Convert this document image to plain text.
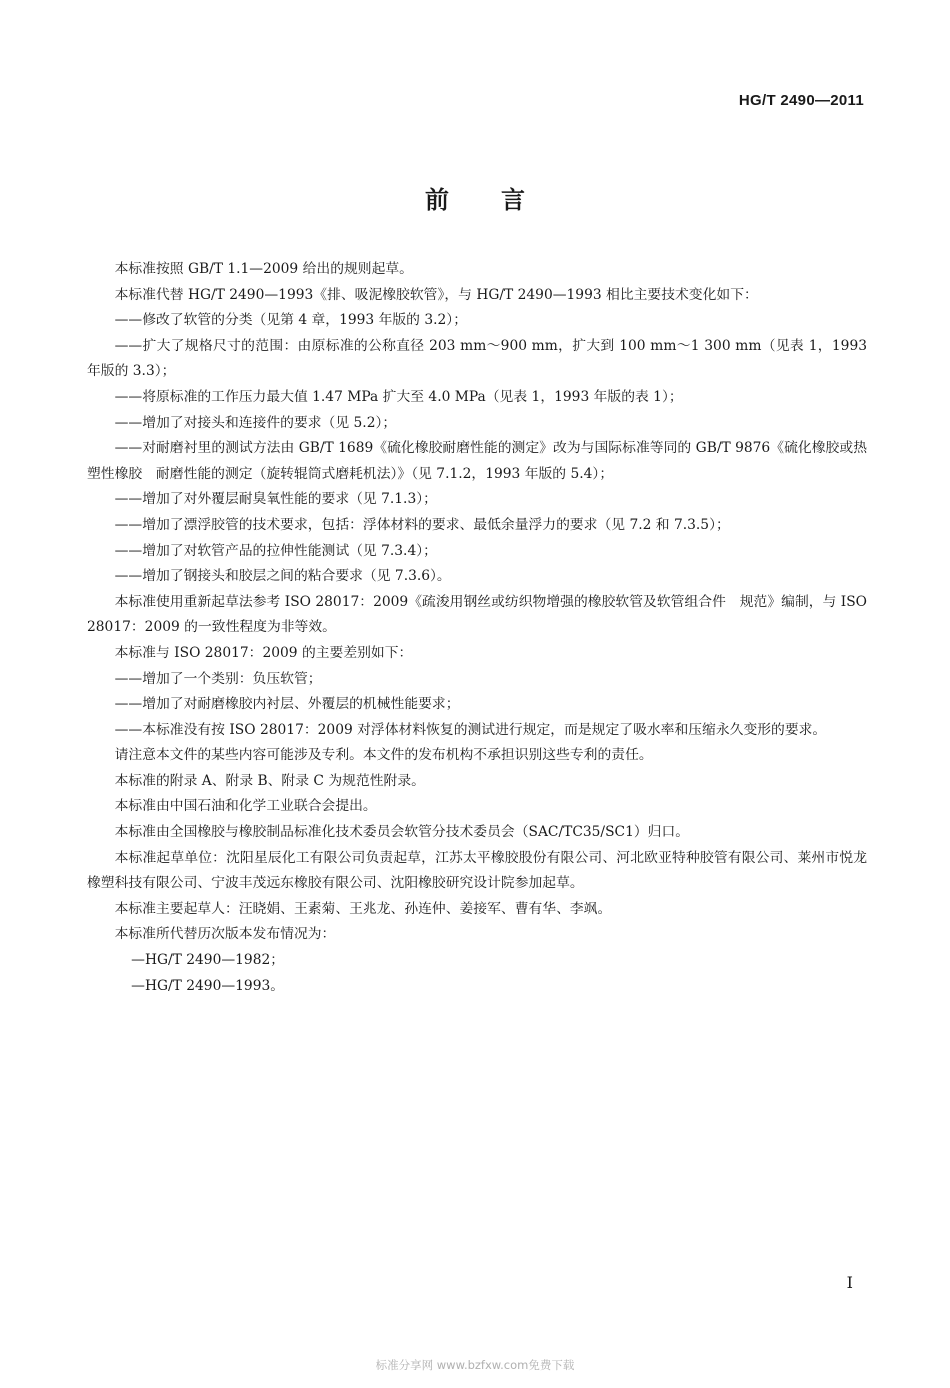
HG/T 2490—2011
前言

本标准按照 GB/T 1.1—2009 给出的规则起草。

本标准代替 HG/T 2490—1993《排、吸泥橡胶软管》，与 HG/T 2490—1993 相比主要技术变化如下：

——修改了软管的分类（见第 4 章，1993 年版的 3.2）；

——扩大了规格尺寸的范围：由原标准的公称直径 203 mm～900 mm，扩大到 100 mm～1 300 mm（见表 1，1993 年版的 3.3）；

——将原标准的工作压力最大值 1.47 MPa 扩大至 4.0 MPa（见表 1，1993 年版的表 1）；

——增加了对接头和连接件的要求（见 5.2）；

——对耐磨衬里的测试方法由 GB/T 1689《硫化橡胶耐磨性能的测定》改为与国际标准等同的 GB/T 9876《硫化橡胶或热塑性橡胶　耐磨性能的测定（旋转辊筒式磨耗机法）》（见 7.1.2，1993 年版的 5.4）；

——增加了对外覆层耐臭氧性能的要求（见 7.1.3）；

——增加了漂浮胶管的技术要求，包括：浮体材料的要求、最低余量浮力的要求（见 7.2 和 7.3.5）；

——增加了对软管产品的拉伸性能测试（见 7.3.4）；

——增加了钢接头和胶层之间的粘合要求（见 7.3.6）。

本标准使用重新起草法参考 ISO 28017：2009《疏浚用钢丝或纺织物增强的橡胶软管及软管组合件　规范》编制，与 ISO 28017：2009 的一致性程度为非等效。

本标准与 ISO 28017：2009 的主要差别如下：

——增加了一个类别：负压软管；

——增加了对耐磨橡胶内衬层、外覆层的机械性能要求；

——本标准没有按 ISO 28017：2009 对浮体材料恢复的测试进行规定，而是规定了吸水率和压缩永久变形的要求。

请注意本文件的某些内容可能涉及专利。本文件的发布机构不承担识别这些专利的责任。

本标准的附录 A、附录 B、附录 C 为规范性附录。

本标准由中国石油和化学工业联合会提出。

本标准由全国橡胶与橡胶制品标准化技术委员会软管分技术委员会（SAC/TC35/SC1）归口。

本标准起草单位：沈阳星辰化工有限公司负责起草，江苏太平橡胶股份有限公司、河北欧亚特种胶管有限公司、莱州市悦龙橡塑科技有限公司、宁波丰茂远东橡胶有限公司、沈阳橡胶研究设计院参加起草。

本标准主要起草人：汪晓娟、王素菊、王兆龙、孙连仲、姜接军、曹有华、李飒。

本标准所代替历次版本发布情况为：

—HG/T 2490—1982；

—HG/T 2490—1993。

I
标准分享网 www.bzfxw.com免费下载
